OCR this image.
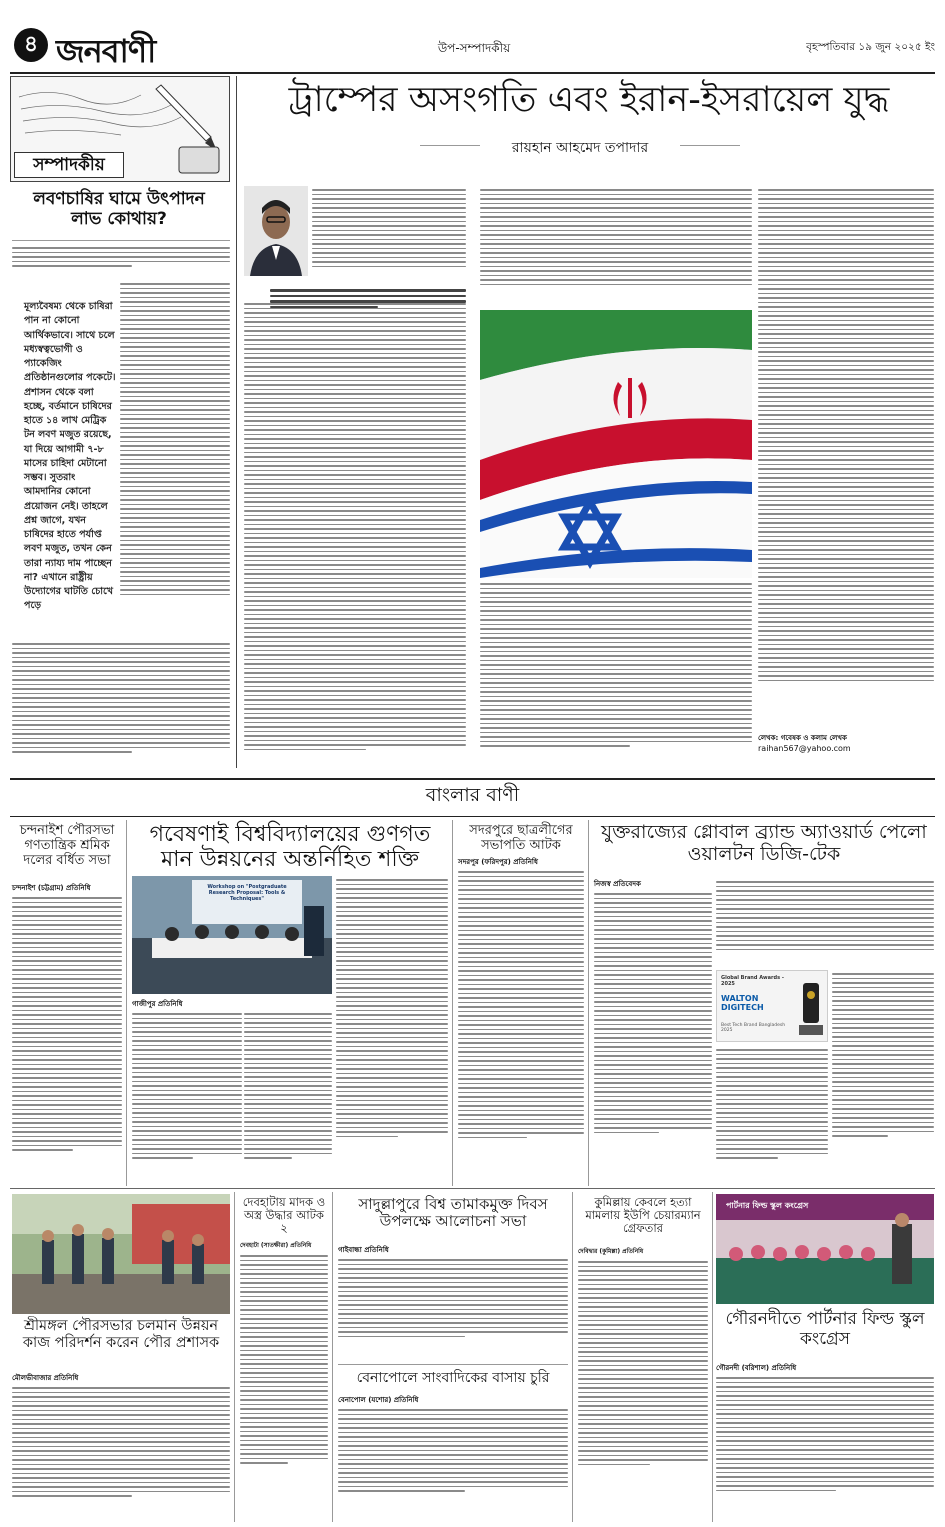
৪ জনবাণী	উপ-সম্পাদকীয়	বৃহস্পতিবার ১৯ জুন ২০২৫ ইং
সম্পাদকীয়
লবণচাষির ঘামে উৎপাদন লাভ কোথায়?
মূল্যবৈষম্য থেকে চাষিরা পান না কোনো আর্থিকভাবে। সাথে চলে মধ্যস্বত্বভোগী ও প্যাকেজিং প্রতিষ্ঠানগুলোর পকেটে। প্রশাসন থেকে বলা হচ্ছে, বর্তমানে চাষিদের হাতে ১৪ লাখ মেট্রিক টন লবণ মজুত রয়েছে, যা দিয়ে আগামী ৭-৮ মাসের চাহিদা মেটানো সম্ভব। সুতরাং আমদানির কোনো প্রয়োজন নেই। তাহলে প্রশ্ন জাগে, যখন চাষিদের হাতে পর্যাপ্ত লবণ মজুত, তখন কেন তারা ন্যায্য দাম পাচ্ছেন না? এখানে রাষ্ট্রীয় উদ্যোগের ঘাটতি চোখে পড়ে
ট্রাম্পের অসংগতি এবং ইরান-ইসরায়েল যুদ্ধ
রায়হান আহমেদ তপাদার
লেখক: গবেষক ও কলাম লেখক
raihan567@yahoo.com
বাংলার বাণী
চন্দনাইশ পৌরসভা গণতান্ত্রিক শ্রমিক দলের বর্ধিত সভা
চন্দনাইশ (চট্টগ্রাম) প্রতিনিধি
গবেষণাই বিশ্ববিদ্যালয়ের গুণগত মান উন্নয়নের অন্তর্নিহিত শক্তি
Workshop on "Postgraduate Research Proposal: Tools & Techniques"
গাজীপুর প্রতিনিধি
সদরপুরে ছাত্রলীগের সভাপতি আটক
সদরপুর (ফরিদপুর) প্রতিনিধি
যুক্তরাজ্যের গ্লোবাল ব্র্যান্ড অ্যাওয়ার্ড পেলো ওয়ালটন ডিজি-টেক
নিজস্ব প্রতিবেদক
Global Brand Awards - 2025
WALTON DIGITECH
Best Tech Brand Bangladesh 2025
শ্রীমঙ্গল পৌরসভার চলমান উন্নয়ন কাজ পরিদর্শন করেন পৌর প্রশাসক
মৌলভীবাজার প্রতিনিধি
দেবহাটায় মাদক ও অস্ত্র উদ্ধার আটক ২
দেবহাটা (সাতক্ষীরা) প্রতিনিধি
সাদুল্লাপুরে বিশ্ব তামাকমুক্ত দিবস উপলক্ষে আলোচনা সভা
গাইবান্ধা প্রতিনিধি
বেনাপোলে সাংবাদিকের বাসায় চুরি
বেনাপোল (যশোর) প্রতিনিধি
কুমিল্লায় কেবলে হত্যা মামলায় ইউপি চেয়ারম্যান গ্রেফতার
দেবিদ্বার (কুমিল্লা) প্রতিনিধি
পার্টনার ফিল্ড স্কুল কংগ্রেস
গৌরনদীতে পার্টনার ফিল্ড স্কুল কংগ্রেস
গৌরনদী (বরিশাল) প্রতিনিধি
